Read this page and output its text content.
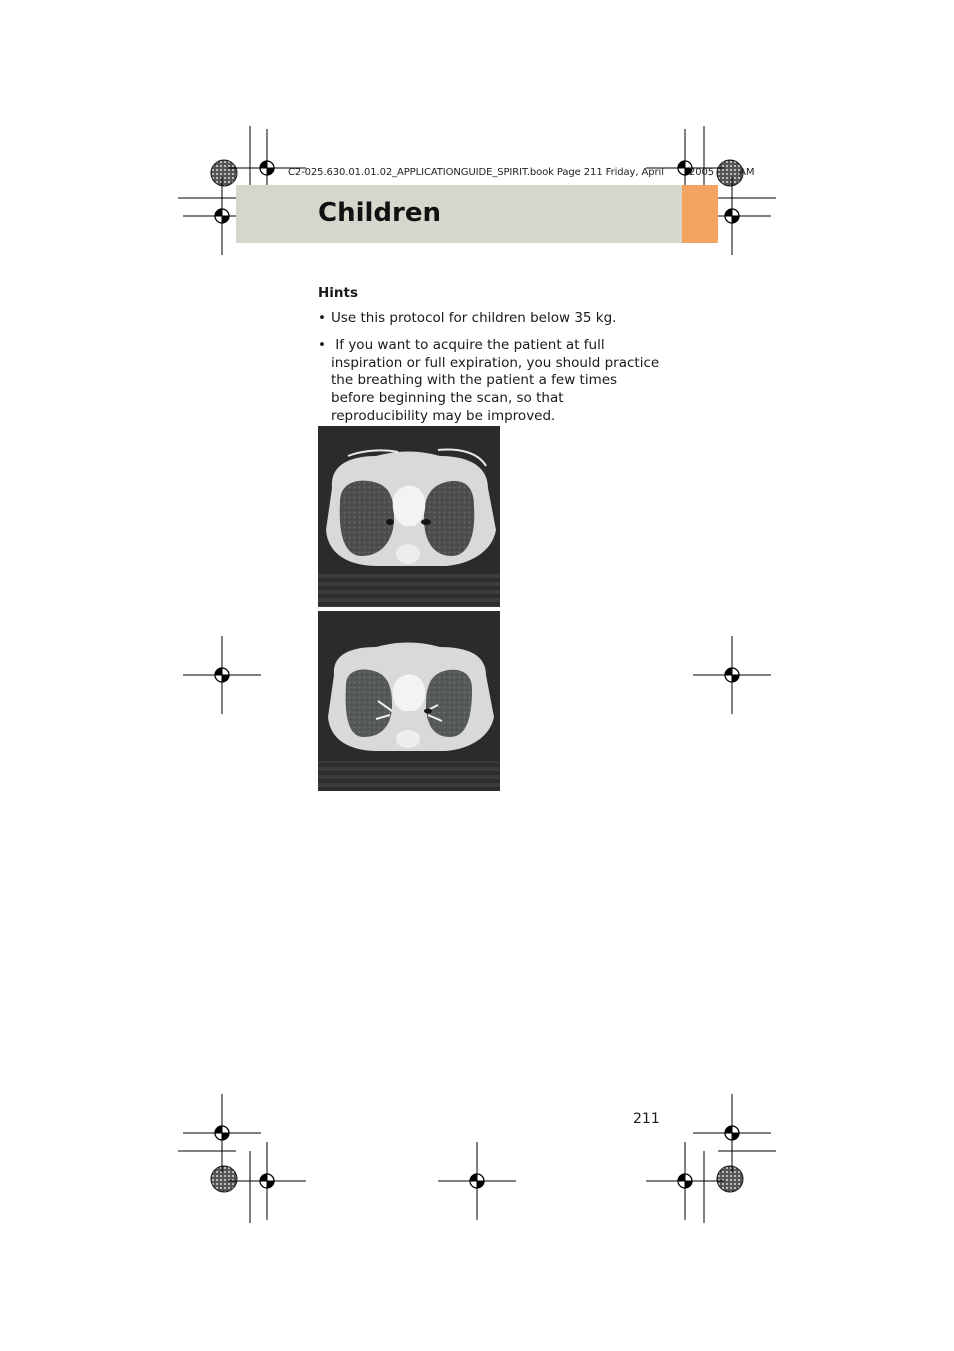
C2-025.630.01.01.02_APPLICATIONGUIDE_SPIRIT.book Page 211 Friday, April	2005	AM
Children
Hints
• Use this protocol for children below 35 kg.
• If you want to acquire the patient at full inspiration or full expiration, you should practice the breathing with the patient a few times before beginning the scan, so that reproducibility may be improved.
211
